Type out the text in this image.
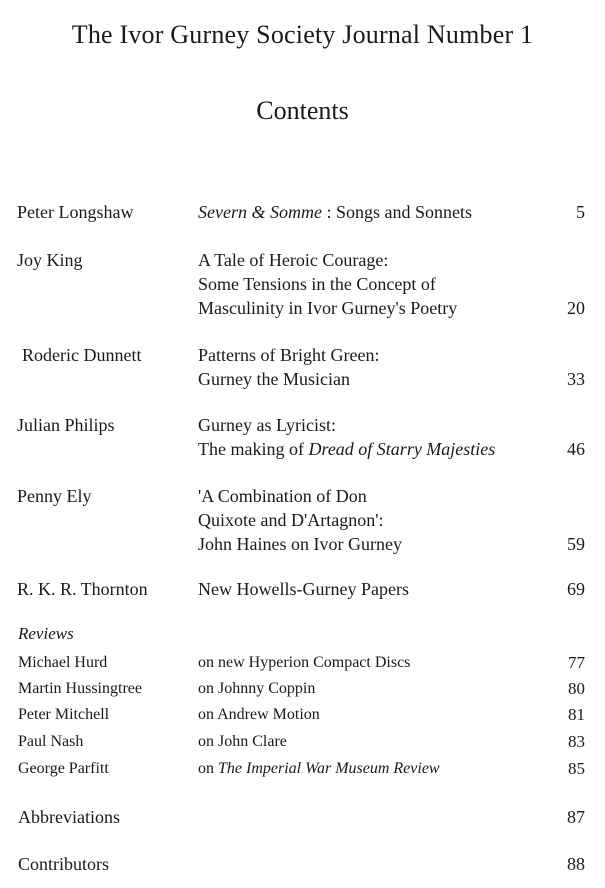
The Ivor Gurney Society Journal Number 1
Contents
Peter Longshaw	Severn & Somme : Songs and Sonnets	5
Joy King	A Tale of Heroic Courage:
Some Tensions in the Concept of
Masculinity in Ivor Gurney's Poetry	20
Roderic Dunnett	Patterns of Bright Green:
Gurney the Musician	33
Julian Philips	Gurney as Lyricist:
The making of Dread of Starry Majesties	46
Penny Ely	'A Combination of Don
Quixote and D'Artagnon':
John Haines on Ivor Gurney	59
R. K. R. Thornton	New Howells-Gurney Papers	69
Reviews
Michael Hurd	on new Hyperion Compact Discs	77
Martin Hussingtree	on Johnny Coppin	80
Peter Mitchell	on Andrew Motion	81
Paul Nash	on John Clare	83
George Parfitt	on The Imperial War Museum Review	85
Abbreviations	87
Contributors	88
